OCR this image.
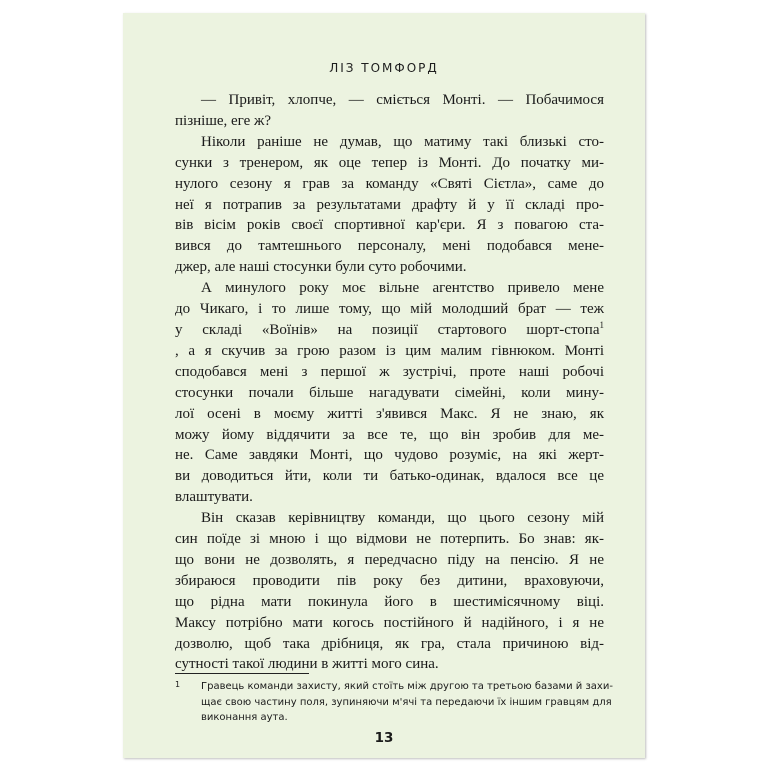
ЛІЗ ТОМФОРД
— Привіт, хлопче, — сміється Монті. — Побачимося
пізніше, еге ж?
Ніколи раніше не думав, що матиму такі близькі сто-
сунки з тренером, як оце тепер із Монті. До початку ми-
нулого сезону я грав за команду «Святі Сієтла», саме до
неї я потрапив за результатами драфту й у її складі про-
вів вісім років своєї спортивної кар'єри. Я з повагою ста-
вився до тамтешнього персоналу, мені подобався мене-
джер, але наші стосунки були суто робочими.
А минулого року моє вільне агентство привело мене
до Чикаго, і то лише тому, що мій молодший брат — теж
у складі «Воїнів» на позиції стартового шорт-стопа$^1$
, а я скучив за грою разом із цим малим гівнюком. Монті
сподобався мені з першої ж зустрічі, проте наші робочі
стосунки почали більше нагадувати сімейні, коли мину-
лої осені в моєму житті з'явився Макс. Я не знаю, як
можу йому віддячити за все те, що він зробив для ме-
не. Саме завдяки Монті, що чудово розуміє, на які жерт-
ви доводиться йти, коли ти батько-одинак, вдалося все це
влаштувати.
Він сказав керівництву команди, що цього сезону мій
син поїде зі мною і що відмови не потерпить. Бо знав: як-
що вони не дозволять, я передчасно піду на пенсію. Я не
збираюся проводити пів року без дитини, враховуючи,
що рідна мати покинула його в шестимісячному віці.
Максу потрібно мати когось постійного й надійного, і я не
дозволю, щоб така дрібниця, як гра, стала причиною від-
сутності такої людини в житті мого сина.
1 Гравець команди захисту, який стоїть між другою та третьою базами й захи-
щає свою частину поля, зупиняючи м'ячі та передаючи їх іншим гравцям для
виконання аута.
13
